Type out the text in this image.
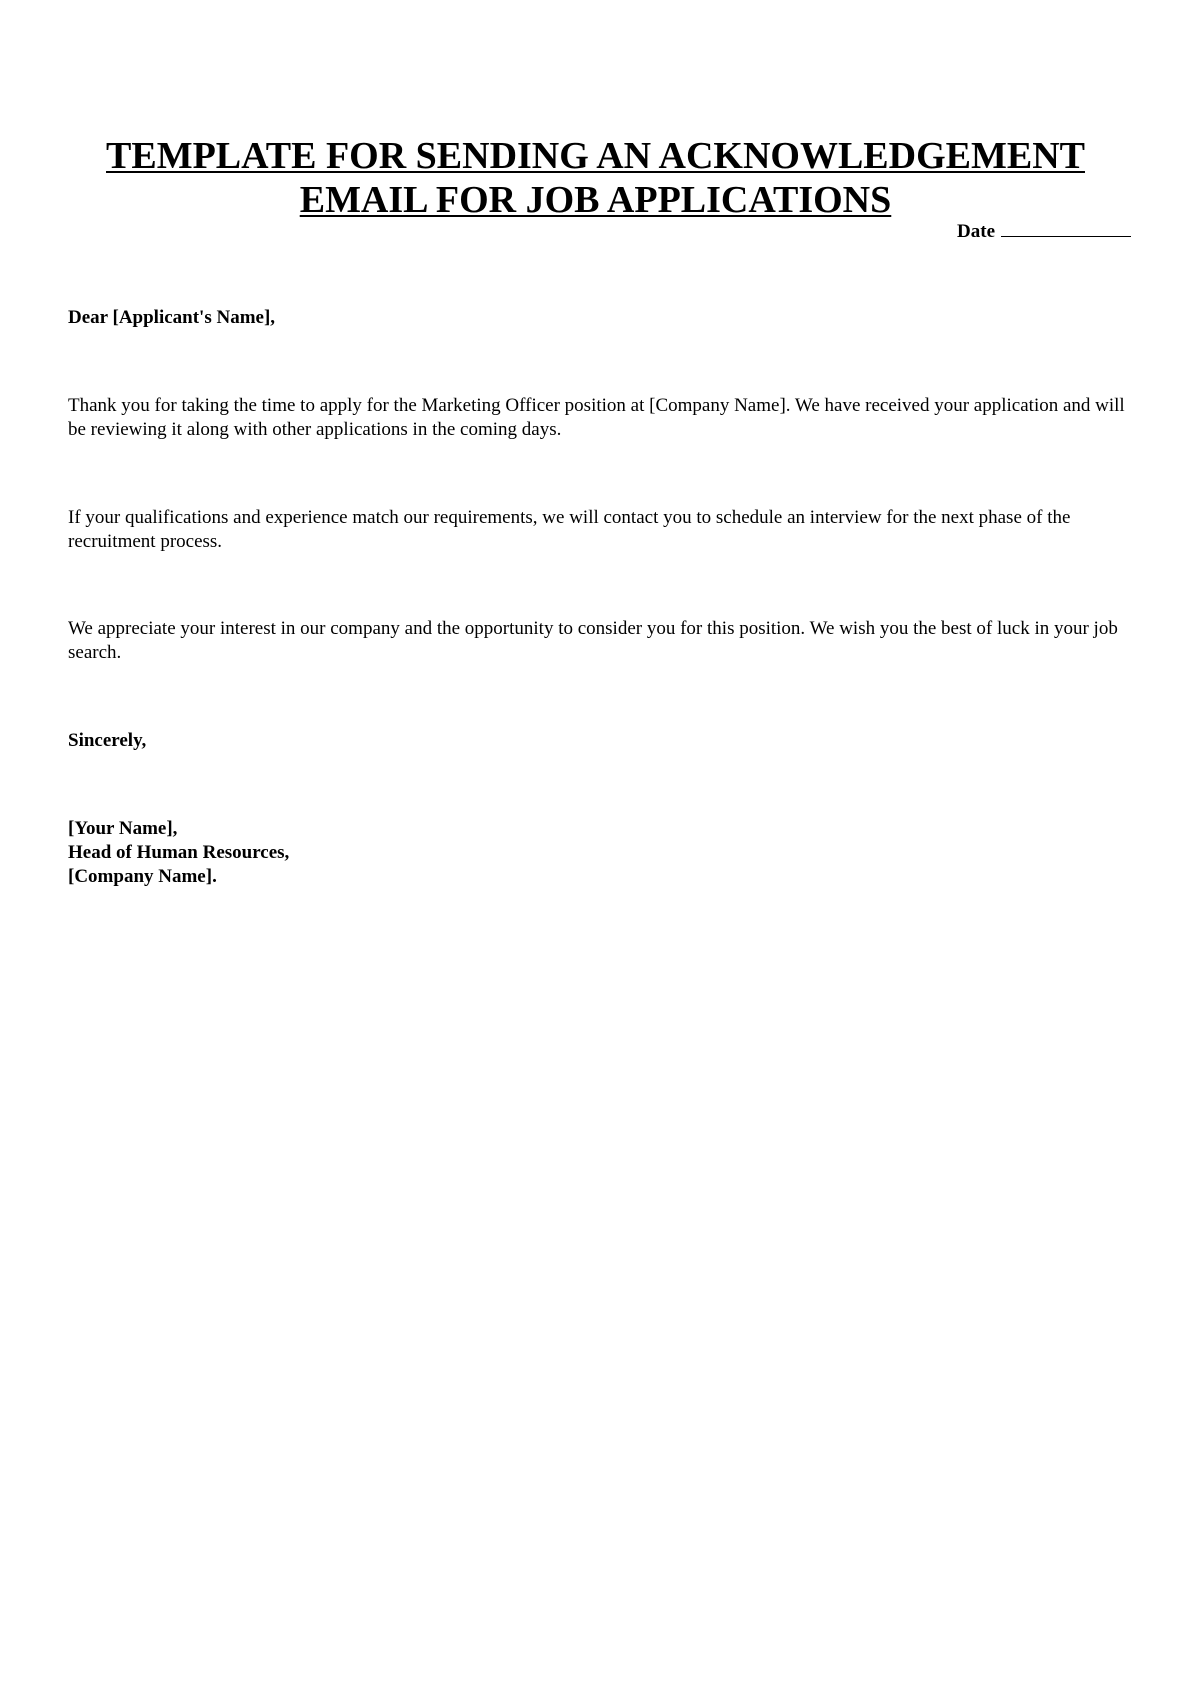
TEMPLATE FOR SENDING AN ACKNOWLEDGEMENT
EMAIL FOR JOB APPLICATIONS
Date

Dear [Applicant's Name],

Thank you for taking the time to apply for the Marketing Officer position at [Company Name]. We have received your application and will be reviewing it along with other applications in the coming days.

If your qualifications and experience match our requirements, we will contact you to schedule an interview for the next phase of the recruitment process.

We appreciate your interest in our company and the opportunity to consider you for this position. We wish you the best of luck in your job search.

Sincerely,

[Your Name],
Head of Human Resources,
[Company Name].
